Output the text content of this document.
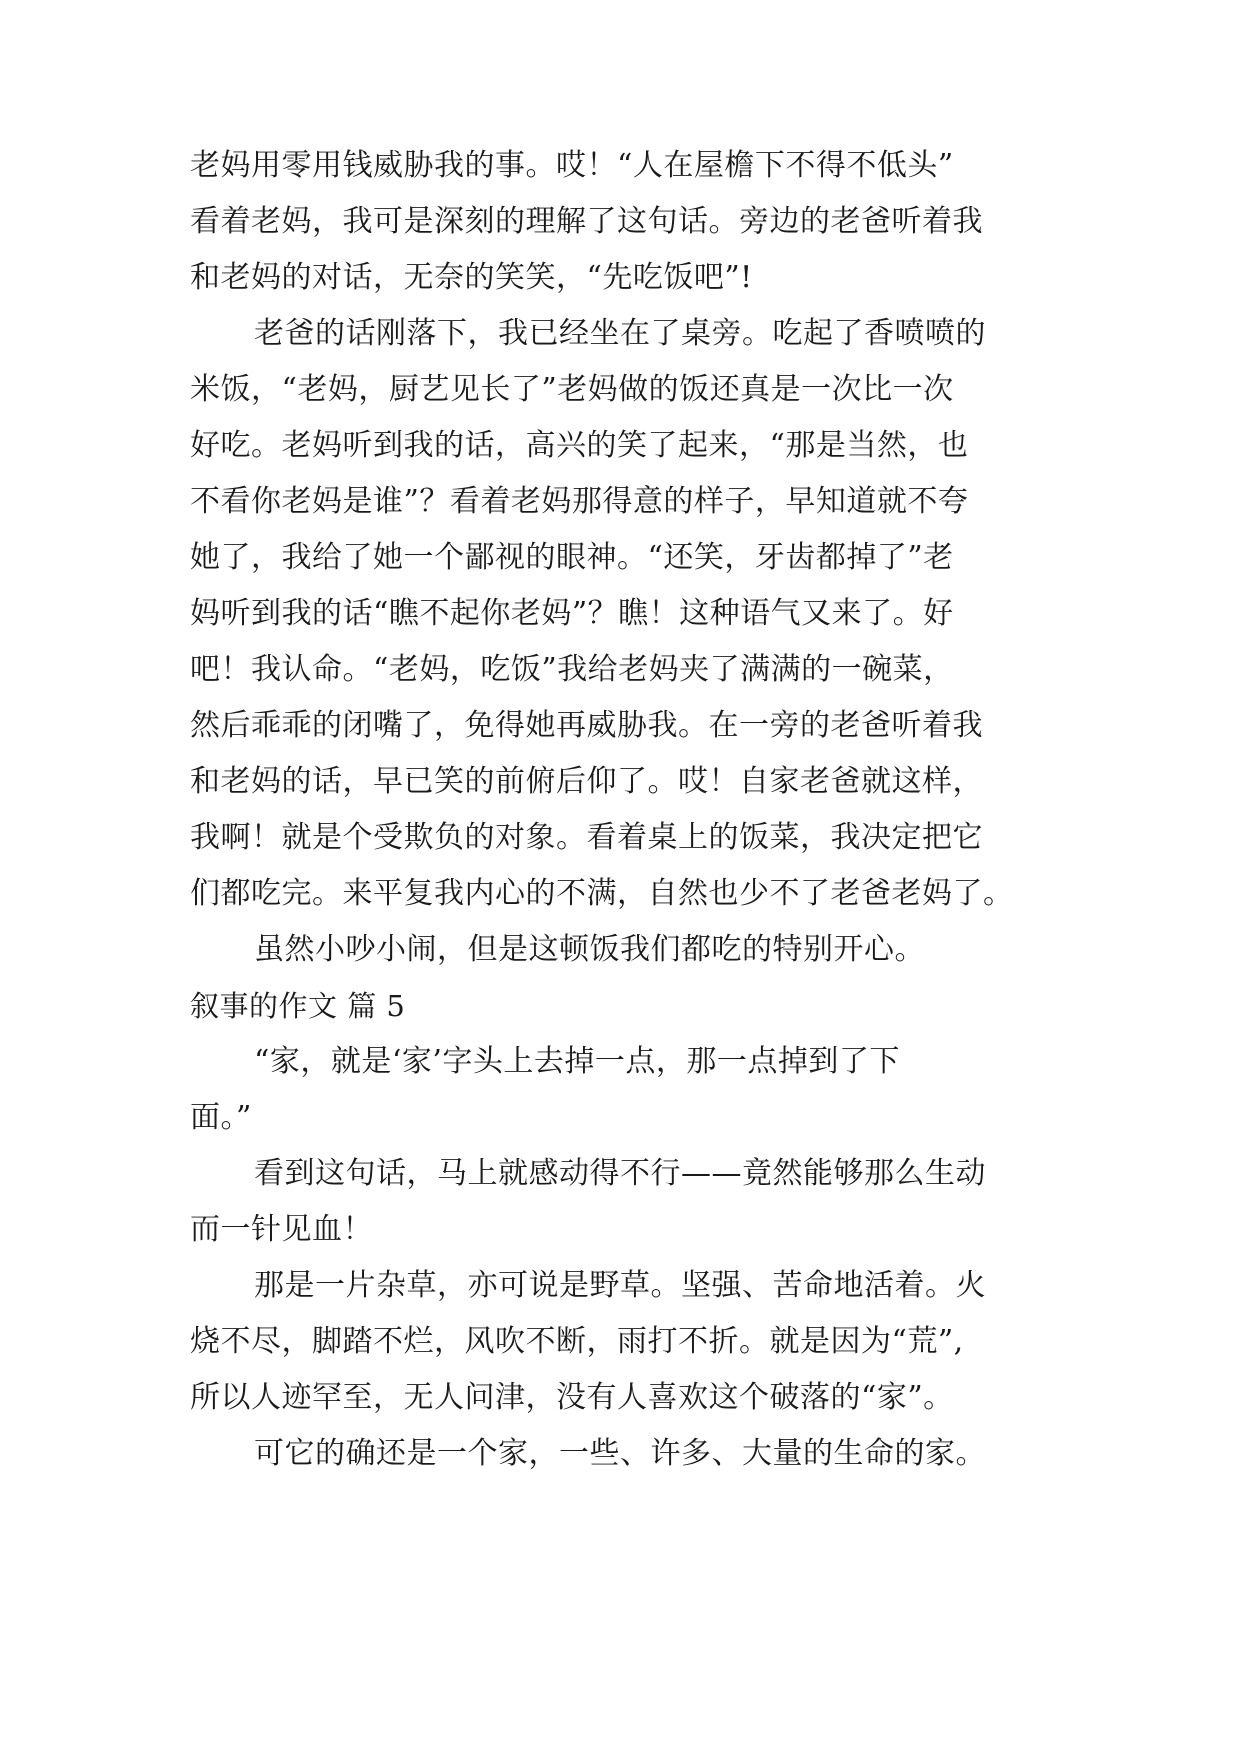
老妈用零用钱威胁我的事。哎！“人在屋檐下不得不低头”
看着老妈，我可是深刻的理解了这句话。旁边的老爸听着我
和老妈的对话，无奈的笑笑，“先吃饭吧”!
老爸的话刚落下，我已经坐在了桌旁。吃起了香喷喷的
米饭，“老妈，厨艺见长了”老妈做的饭还真是一次比一次
好吃。老妈听到我的话，高兴的笑了起来，“那是当然，也
不看你老妈是谁”？看着老妈那得意的样子，早知道就不夸
她了，我给了她一个鄙视的眼神。“还笑，牙齿都掉了”老
妈听到我的话“瞧不起你老妈”？瞧！这种语气又来了。好
吧！我认命。“老妈，吃饭”我给老妈夹了满满的一碗菜，
然后乖乖的闭嘴了，免得她再威胁我。在一旁的老爸听着我
和老妈的话，早已笑的前俯后仰了。哎！自家老爸就这样，
我啊！就是个受欺负的对象。看着桌上的饭菜，我决定把它
们都吃完。来平复我内心的不满，自然也少不了老爸老妈了。
虽然小吵小闹，但是这顿饭我们都吃的特别开心。
叙事的作文 篇 5
“家，就是‘家’字头上去掉一点，那一点掉到了下
面。”
看到这句话，马上就感动得不行——竟然能够那么生动
而一针见血！
那是一片杂草，亦可说是野草。坚强、苦命地活着。火
烧不尽，脚踏不烂，风吹不断，雨打不折。就是因为“荒”,
所以人迹罕至，无人问津，没有人喜欢这个破落的“家”。
可它的确还是一个家，一些、许多、大量的生命的家。
